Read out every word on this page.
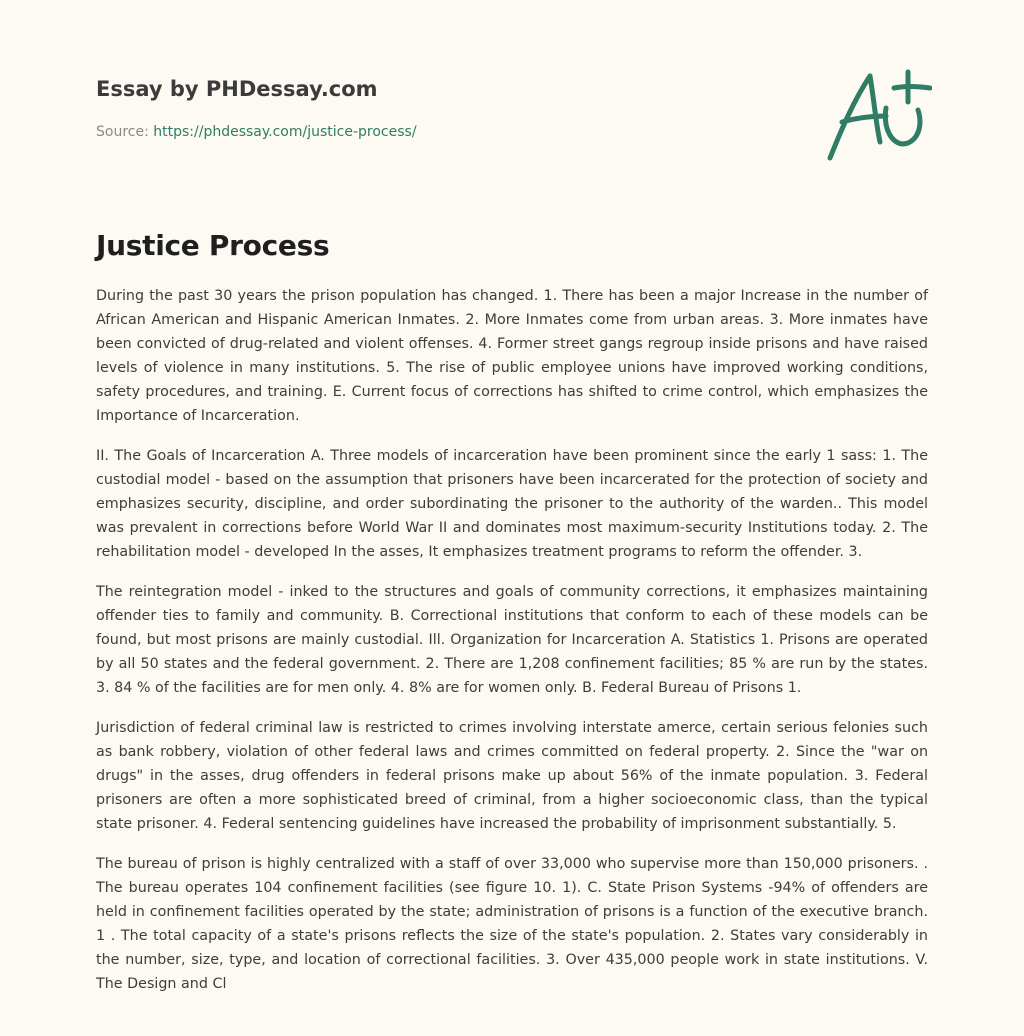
Essay by PHDessay.com

Source: https://phdessay.com/justice-process/
Justice Process

During the past 30 years the prison population has changed. 1. There has been a major Increase in the number of African American and Hispanic American Inmates. 2. More Inmates come from urban areas. 3. More inmates have been convicted of drug-related and violent offenses. 4. Former street gangs regroup inside prisons and have raised levels of violence in many institutions. 5. The rise of public employee unions have improved working conditions, safety procedures, and training. E. Current focus of corrections has shifted to crime control, which emphasizes the Importance of Incarceration.

II. The Goals of Incarceration A. Three models of incarceration have been prominent since the early 1 sass: 1. The custodial model - based on the assumption that prisoners have been incarcerated for the protection of society and emphasizes security, discipline, and order subordinating the prisoner to the authority of the warden.. This model was prevalent in corrections before World War II and dominates most maximum-security Institutions today. 2. The rehabilitation model - developed In the asses, It emphasizes treatment programs to reform the offender. 3.

The reintegration model - inked to the structures and goals of community corrections, it emphasizes maintaining offender ties to family and community. B. Correctional institutions that conform to each of these models can be found, but most prisons are mainly custodial. Ill. Organization for Incarceration A. Statistics 1. Prisons are operated by all 50 states and the federal government. 2. There are 1,208 confinement facilities; 85 % are run by the states. 3. 84 % of the facilities are for men only. 4. 8% are for women only. B. Federal Bureau of Prisons 1.

Jurisdiction of federal criminal law is restricted to crimes involving interstate amerce, certain serious felonies such as bank robbery, violation of other federal laws and crimes committed on federal property. 2. Since the "war on drugs" in the asses, drug offenders in federal prisons make up about 56% of the inmate population. 3. Federal prisoners are often a more sophisticated breed of criminal, from a higher socioeconomic class, than the typical state prisoner. 4. Federal sentencing guidelines have increased the probability of imprisonment substantially. 5.

The bureau of prison is highly centralized with a staff of over 33,000 who supervise more than 150,000 prisoners. . The bureau operates 104 confinement facilities (see figure 10. 1). C. State Prison Systems -94% of offenders are held in confinement facilities operated by the state; administration of prisons is a function of the executive branch. 1 . The total capacity of a state's prisons reflects the size of the state's population. 2. States vary considerably in the number, size, type, and location of correctional facilities. 3. Over 435,000 people work in state institutions. V. The Design and Cl
